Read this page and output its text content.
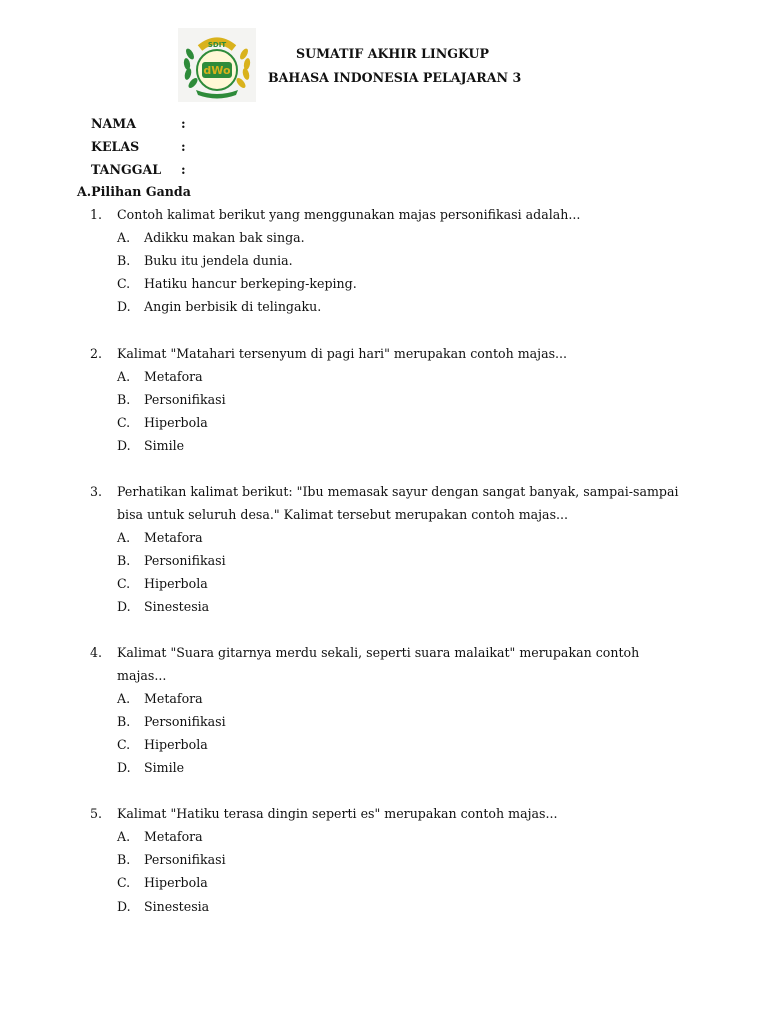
dWo
SDIT
SUMATIF AKHIR LINGKUP
BAHASA INDONESIA PELAJARAN 3
NAMA	:
KELAS	:
TANGGAL :
A.Pilihan Ganda
1. Contoh kalimat berikut yang menggunakan majas personifikasi adalah...
A. Adikku makan bak singa.
B. Buku itu jendela dunia.
C. Hatiku hancur berkeping-keping.
D. Angin berbisik di telingaku.
2. Kalimat "Matahari tersenyum di pagi hari" merupakan contoh majas...
A. Metafora
B. Personifikasi
C. Hiperbola
D. Simile
3. Perhatikan kalimat berikut: "Ibu memasak sayur dengan sangat banyak, sampai-sampai bisa untuk seluruh desa." Kalimat tersebut merupakan contoh majas...
A. Metafora
B. Personifikasi
C. Hiperbola
D. Sinestesia
4. Kalimat "Suara gitarnya merdu sekali, seperti suara malaikat" merupakan contoh majas...
A. Metafora
B. Personifikasi
C. Hiperbola
D. Simile
5. Kalimat "Hatiku terasa dingin seperti es" merupakan contoh majas...
A. Metafora
B. Personifikasi
C. Hiperbola
D. Sinestesia
